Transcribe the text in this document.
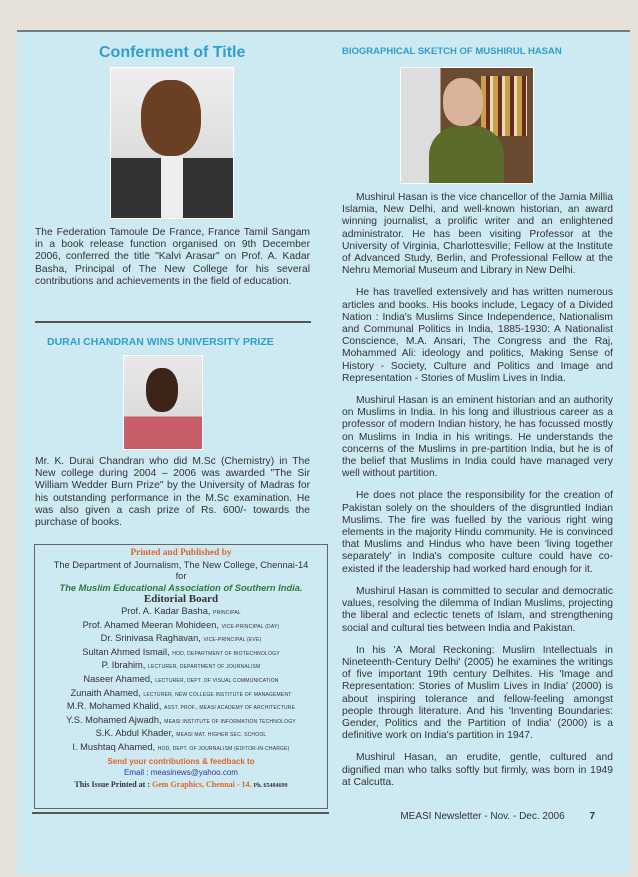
Conferment of Title

The Federation Tamoule De France, France Tamil Sangam in a book release function organised on 9th December 2006, conferred the title "Kalvi Arasar" on Prof. A. Kadar Basha, Principal of The New College for his several contributions and achievements in the field of education.

DURAI CHANDRAN WINS UNIVERSITY PRIZE

Mr. K. Durai Chandran who did M.Sc (Chemistry) in The New college during 2004 – 2006 was awarded "The Sir William Wedder Burn Prize" by the University of Madras for his outstanding performance in the M.Sc examination. He was also given a cash prize of Rs. 600/- towards the purchase of books.

Printed and Published by
The Department of Journalism, The New College, Chennai-14
for
The Muslim Educational Association of Southern India.
Editorial Board
Prof. A. Kadar Basha, PRINCIPAL
Prof. Ahamed Meeran Mohideen, VICE-PRINCIPAL (DAY)
Dr. Srinivasa Raghavan, VICE-PRINCIPAL (EVE)
Sultan Ahmed Ismail, HOD, DEPARTMENT OF BIOTECHNOLOGY
P. Ibrahim, LECTURER, DEPARTMENT OF JOURNALISM
Naseer Ahamed, LECTURER, DEPT. OF VISUAL COMMUNICATION
Zunaith Ahamed, LECTURER, NEW COLLEGE INSTITUTE OF MANAGEMENT
M.R. Mohamed Khalid, ASST. PROF., MEASI ACADEMY OF ARCHITECTURE
Y.S. Mohamed Ajwadh, MEASI INSTITUTE OF INFORMATION TECHNOLOGY
S.K. Abdul Khader, MEASI MAT. HIGHER SEC. SCHOOL
I. Mushtaq Ahamed, HOD, DEPT. OF JOURNALISM (EDITOR-IN-CHARGE)
Send your contributions & feedback to
Email : measinews@yahoo.com
This Issue Printed at : Gem Graphics, Chennai - 14. Ph. 65484699
BIOGRAPHICAL SKETCH OF MUSHIRUL HASAN

Mushirul Hasan is the vice chancellor of the Jamia Millia Islamia, New Delhi, and well-known historian, an award winning journalist, a prolific writer and an enlightened administrator. He has been visiting Professor at the University of Virginia, Charlottesville; Fellow at the Institute of Advanced Study, Berlin, and Professional Fellow at the Nehru Memorial Museum and Library in New Delhi.

He has travelled extensively and has written numerous articles and books. His books include, Legacy of a Divided Nation : India's Muslims Since Independence, Nationalism and Communal Politics in India, 1885-1930: A Nationalist Conscience, M.A. Ansari, The Congress and the Raj, Mohammed Ali: ideology and politics, Making Sense of History - Society, Culture and Politics and Image and Representation - Stories of Muslim Lives in India.

Mushirul Hasan is an eminent historian and an authority on Muslims in India. In his long and illustrious career as a professor of modern Indian history, he has focussed mostly on Muslims in India in his writings. He understands the concerns of the Muslims in pre-partition India, but he is of the belief that Muslims in India could have managed very well without partition.

He does not place the responsibility for the creation of Pakistan solely on the shoulders of the disgruntled Indian Muslims. The fire was fuelled by the various right wing elements in the majority Hindu community. He is convinced that Muslims and Hindus who have been 'living together separately' in India's composite culture could have co-existed if the leadership had worked hard enough for it.

Mushirul Hasan is committed to secular and democratic values, resolving the dilemma of Indian Muslims, projecting the liberal and eclectic tenets of Islam, and strengthening social and cultural ties between India and Pakistan.

In his 'A Moral Reckoning: Muslim Intellectuals in Nineteenth-Century Delhi' (2005) he examines the writings of five important 19th century Delhites. His 'Image and Representation: Stories of Muslim Lives in India' (2000) is about inspiring tolerance and fellow-feeling amongst people through literature. And his 'Inventing Boundaries: Gender, Politics and the Partition of India' (2000) is a definitive work on India's partition in 1947.

Mushirul Hasan, an erudite, gentle, cultured and dignified man who talks softly but firmly, was born in 1949 at Calcutta.

MEASI Newsletter - Nov. - Dec. 2006 7
